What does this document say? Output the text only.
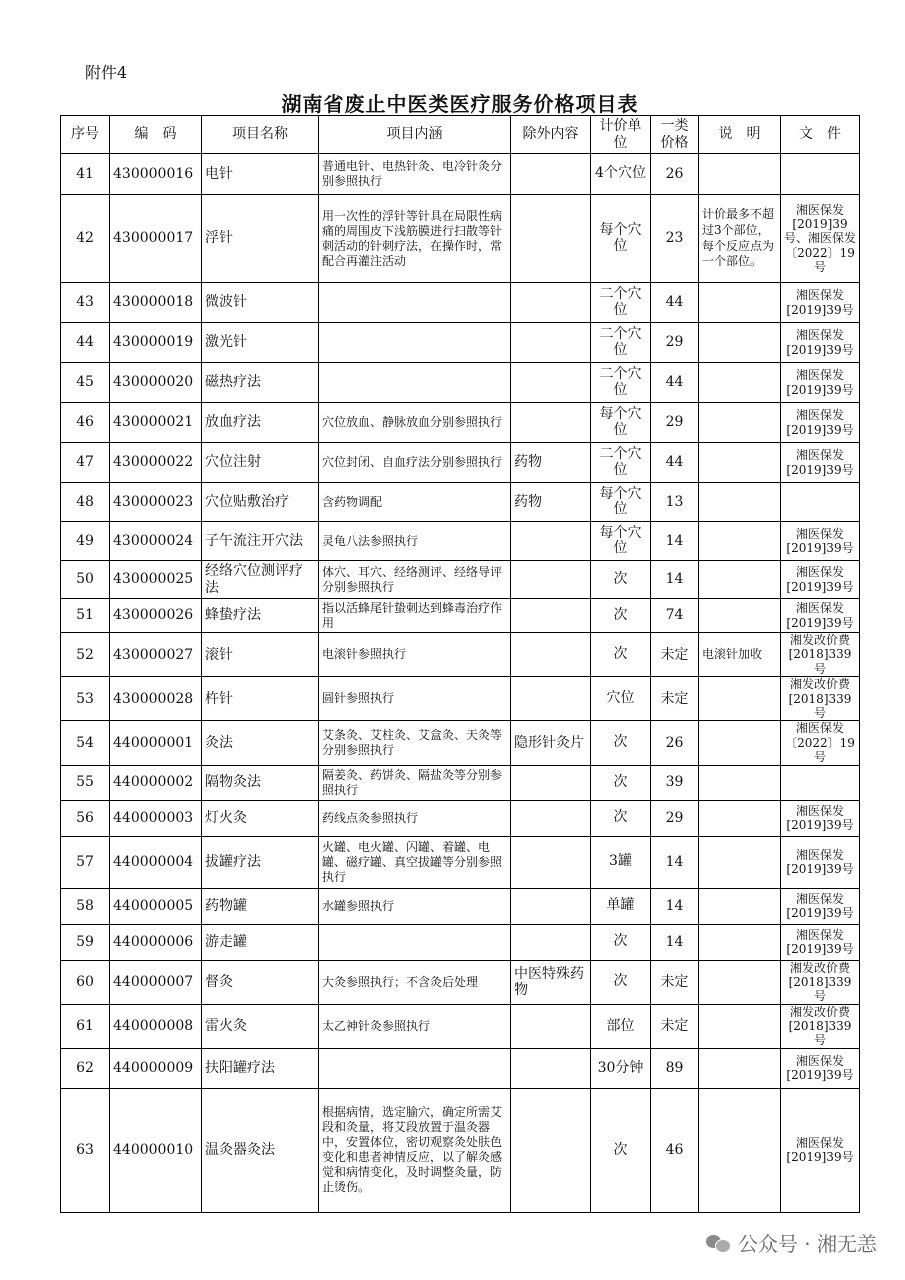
附件4
湖南省废止中医类医疗服务价格项目表
序号	编　码	项目名称	项目内涵	除外内容	计价单位	一类价格	说　明	文　件
41	430000016	电针	普通电针、电热针灸、电冷针灸分别参照执行		4个穴位	26		
42	430000017	浮针	用一次性的浮针等针具在局限性病痛的周围皮下浅筋膜进行扫散等针刺活动的针刺疗法，在操作时，常配合再灌注活动		每个穴位	23	计价最多不超过3个部位，每个反应点为一个部位。	湘医保发[2019]39号、湘医保发〔2022〕19号
43	430000018	微波针			二个穴位	44		湘医保发[2019]39号
44	430000019	激光针			二个穴位	29		湘医保发[2019]39号
45	430000020	磁热疗法			二个穴位	44		湘医保发[2019]39号
46	430000021	放血疗法	穴位放血、静脉放血分别参照执行		每个穴位	29		湘医保发[2019]39号
47	430000022	穴位注射	穴位封闭、自血疗法分别参照执行	药物	二个穴位	44		湘医保发[2019]39号
48	430000023	穴位贴敷治疗	含药物调配	药物	每个穴位	13		
49	430000024	子午流注开穴法	灵龟八法参照执行		每个穴位	14		湘医保发[2019]39号
50	430000025	经络穴位测评疗法	体穴、耳穴、经络测评、经络导评分别参照执行		次	14		湘医保发[2019]39号
51	430000026	蜂蛰疗法	指以活蜂尾针蛰刺达到蜂毒治疗作用		次	74		湘医保发[2019]39号
52	430000027	滚针	电滚针参照执行		次	未定	电滚针加收	湘发改价费[2018]339号
53	430000028	杵针	圆针参照执行		穴位	未定		湘发改价费[2018]339号
54	440000001	灸法	艾条灸、艾柱灸、艾盒灸、天灸等分别参照执行	隐形针灸片	次	26		湘医保发〔2022〕19号
55	440000002	隔物灸法	隔姜灸、药饼灸、隔盐灸等分别参照执行		次	39		
56	440000003	灯火灸	药线点灸参照执行		次	29		湘医保发[2019]39号
57	440000004	拔罐疗法	火罐、电火罐、闪罐、着罐、电罐、磁疗罐、真空拔罐等分别参照执行		3罐	14		湘医保发[2019]39号
58	440000005	药物罐	水罐参照执行		单罐	14		湘医保发[2019]39号
59	440000006	游走罐			次	14		湘医保发[2019]39号
60	440000007	督灸	大灸参照执行；不含灸后处理	中医特殊药物	次	未定		湘发改价费[2018]339号
61	440000008	雷火灸	太乙神针灸参照执行		部位	未定		湘发改价费[2018]339号
62	440000009	扶阳罐疗法			30分钟	89		湘医保发[2019]39号
63	440000010	温灸器灸法	根据病情，选定腧穴，确定所需艾段和灸量，将艾段放置于温灸器中，安置体位，密切观察灸处肤色变化和患者神情反应，以了解灸感觉和病情变化，及时调整灸量，防止烫伤。		次	46		湘医保发[2019]39号
公众号 · 湘无恙
